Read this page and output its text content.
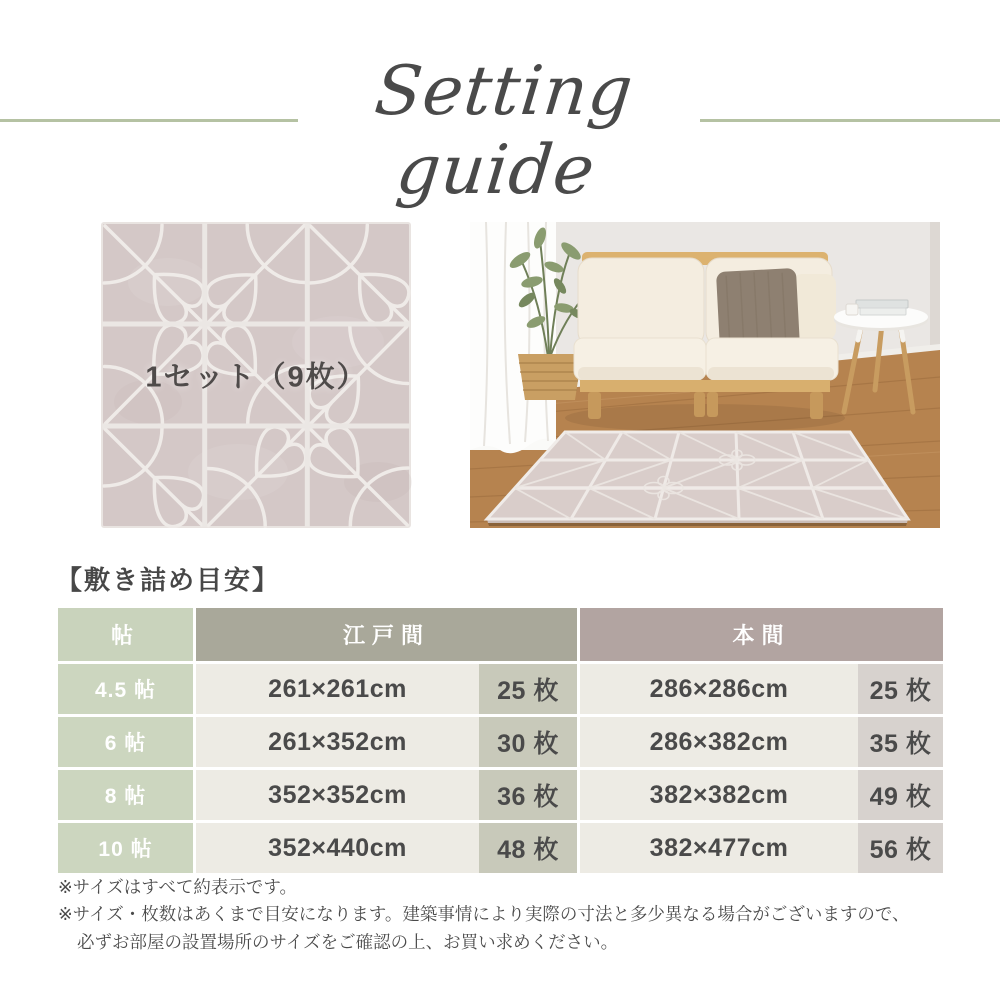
Setting guide
1セット（9枚）
【敷き詰め目安】
帖	江戸間	本間
4.5 帖	261×261cm	25 枚	286×286cm	25 枚
6 帖	261×352cm	30 枚	286×382cm	35 枚
8 帖	352×352cm	36 枚	382×382cm	49 枚
10 帖	352×440cm	48 枚	382×477cm	56 枚
※サイズはすべて約表示です。
※サイズ・枚数はあくまで目安になります。建築事情により実際の寸法と多少異なる場合がございますので、
必ずお部屋の設置場所のサイズをご確認の上、お買い求めください。
